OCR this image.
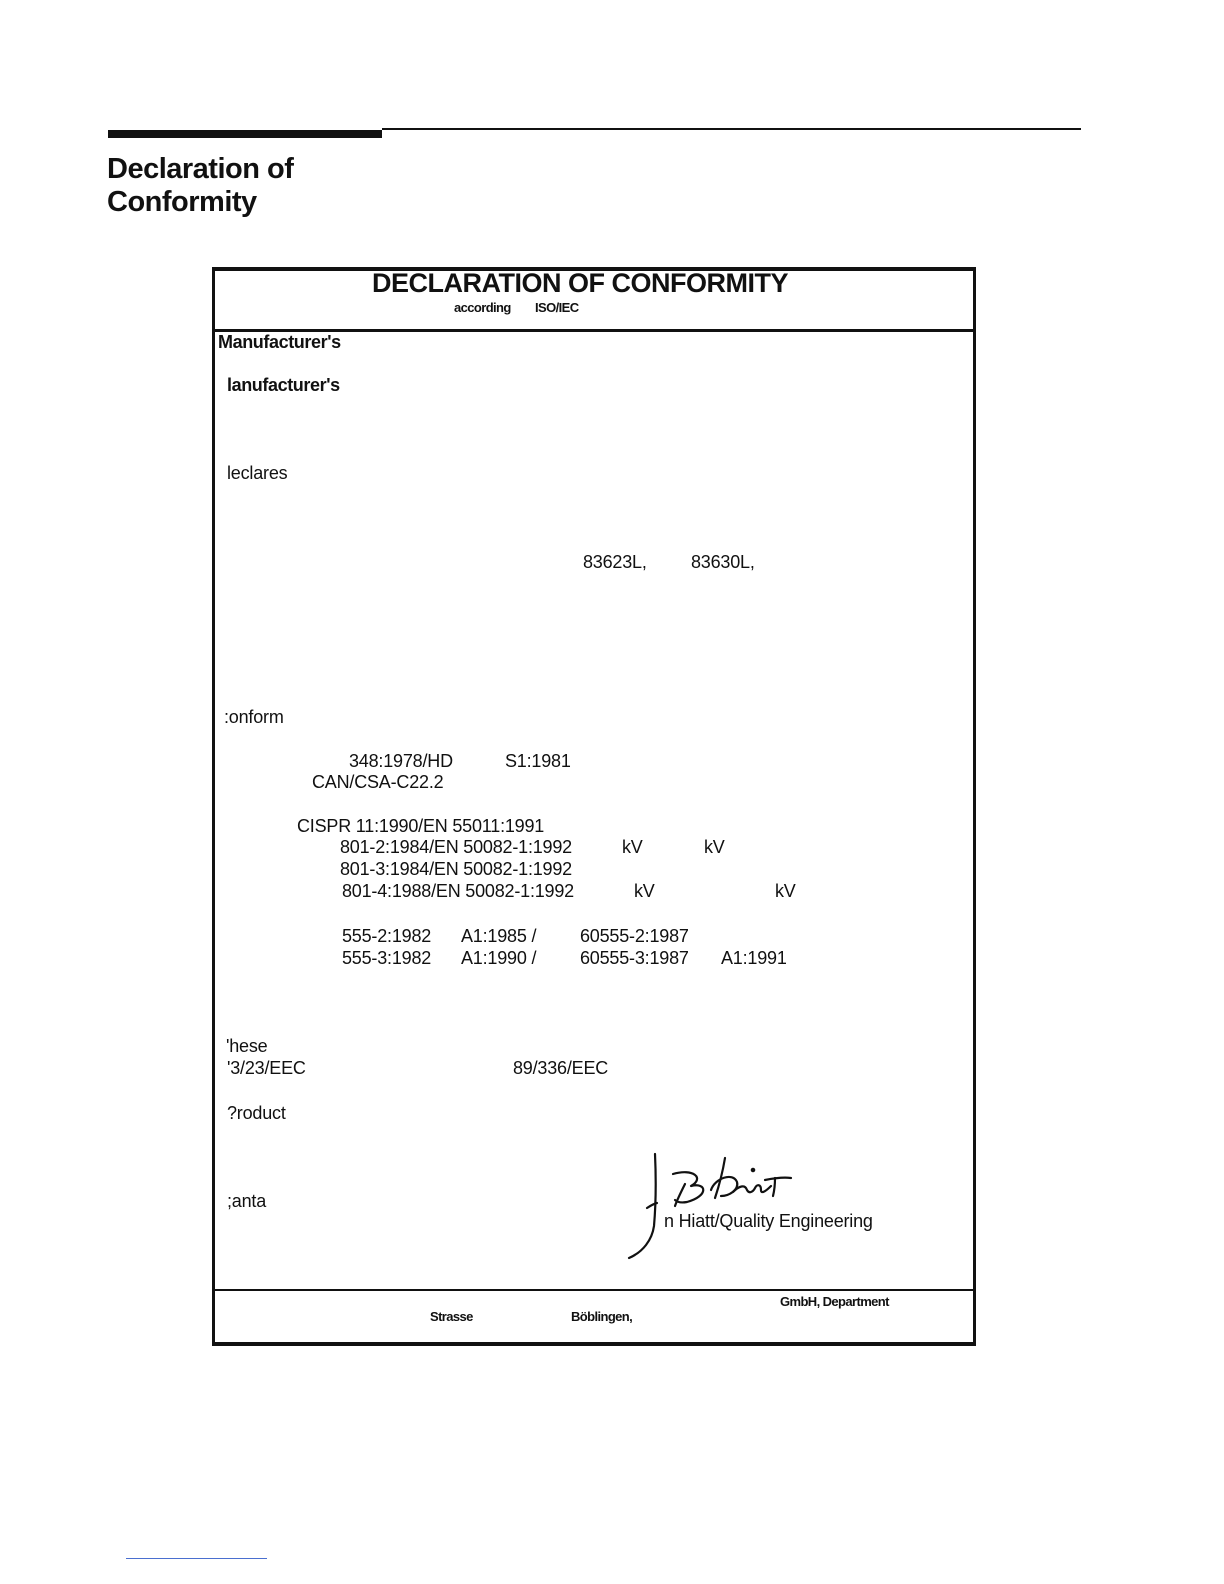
Declaration of
Conformity
DECLARATION OF CONFORMITY
according ISO/IEC
Manufacturer's
lanufacturer's
leclares
83623L, 83630L,
:onform
348:1978/HD	S1:1981
CAN/CSA-C22.2
CISPR 11:1990/EN 55011:1991
801-2:1984/EN 50082-1:1992	kV	kV
801-3:1984/EN 50082-1:1992
801-4:1988/EN 50082-1:1992	kV	kV
555-2:1982 A1:1985 / 60555-2:1987
555-3:1982 A1:1990 / 60555-3:1987 A1:1991
'hese
'3/23/EEC	89/336/EEC
?roduct
;anta
n Hiatt/Quality Engineering
GmbH, Department
Strasse	Böblingen,
